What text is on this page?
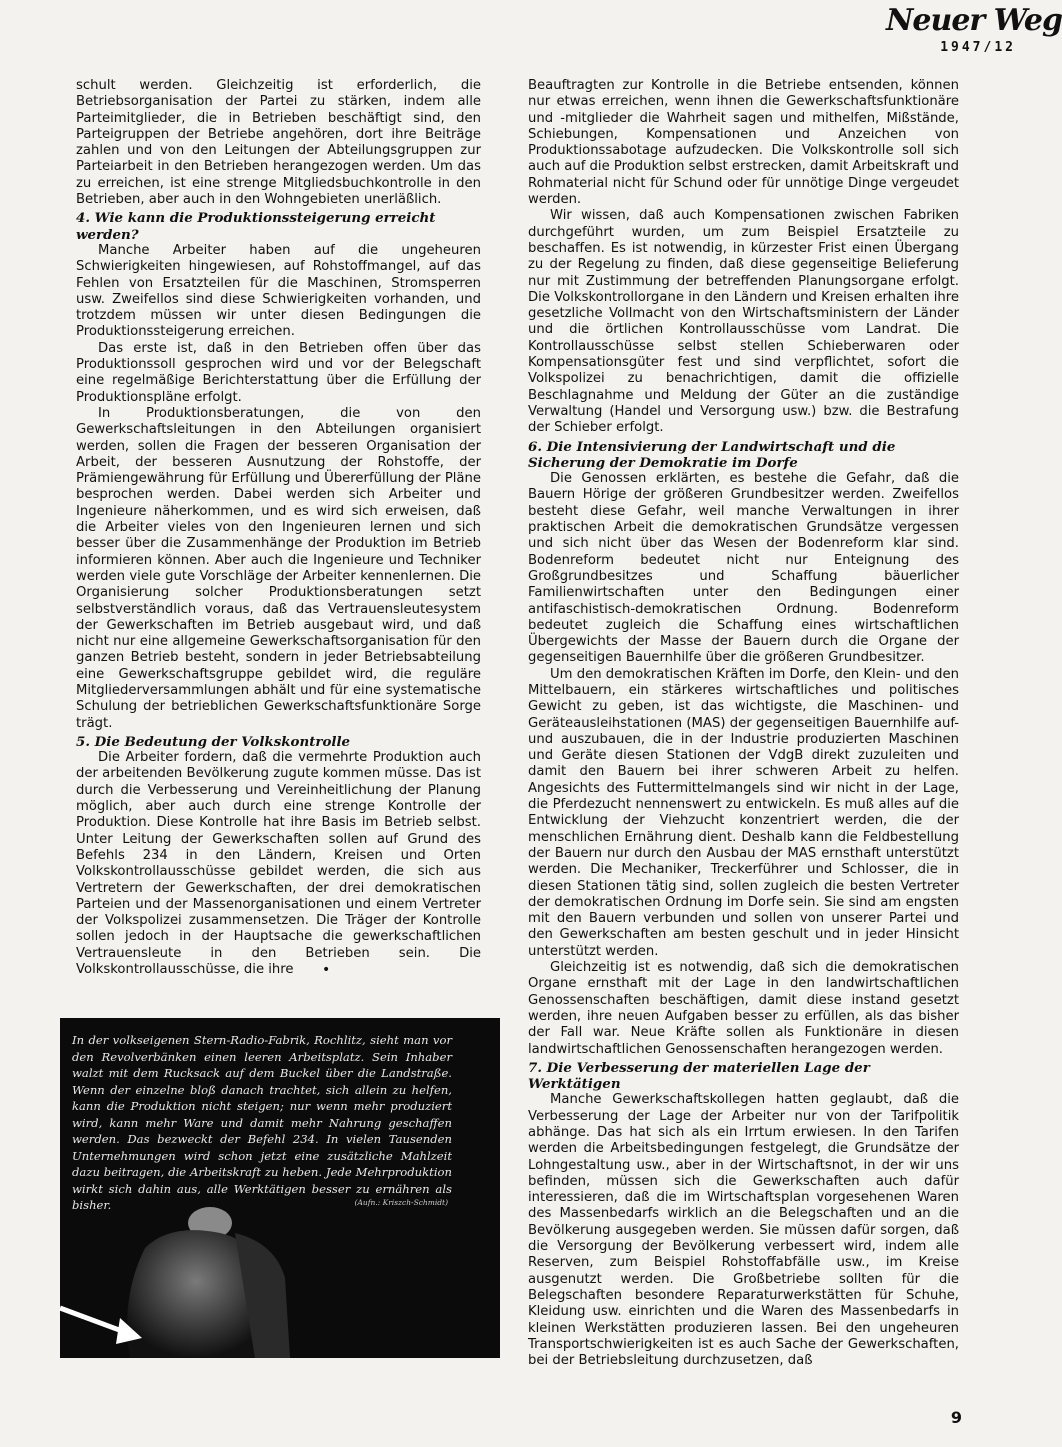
Neuer Weg
1947/12

schult werden. Gleichzeitig ist erforderlich, die Betriebsorganisation der Partei zu stärken, indem alle Parteimitglieder, die in Betrieben beschäftigt sind, den Parteigruppen der Betriebe angehören, dort ihre Beiträge zahlen und von den Leitungen der Abteilungsgruppen zur Parteiarbeit in den Betrieben herangezogen werden. Um das zu erreichen, ist eine strenge Mitgliedsbuchkontrolle in den Betrieben, aber auch in den Wohngebieten unerläßlich.

4. Wie kann die Produktionssteigerung erreicht werden?

Manche Arbeiter haben auf die ungeheuren Schwierigkeiten hingewiesen, auf Rohstoffmangel, auf das Fehlen von Ersatzteilen für die Maschinen, Stromsperren usw. Zweifellos sind diese Schwierigkeiten vorhanden, und trotzdem müssen wir unter diesen Bedingungen die Produktionssteigerung erreichen.

Das erste ist, daß in den Betrieben offen über das Produktionssoll gesprochen wird und vor der Belegschaft eine regelmäßige Berichterstattung über die Erfüllung der Produktionspläne erfolgt.

In Produktionsberatungen, die von den Gewerkschaftsleitungen in den Abteilungen organisiert werden, sollen die Fragen der besseren Organisation der Arbeit, der besseren Ausnutzung der Rohstoffe, der Prämiengewährung für Erfüllung und Übererfüllung der Pläne besprochen werden. Dabei werden sich Arbeiter und Ingenieure näherkommen, und es wird sich erweisen, daß die Arbeiter vieles von den Ingenieuren lernen und sich besser über die Zusammenhänge der Produktion im Betrieb informieren können. Aber auch die Ingenieure und Techniker werden viele gute Vorschläge der Arbeiter kennenlernen. Die Organisierung solcher Produktionsberatungen setzt selbstverständlich voraus, daß das Vertrauensleutesystem der Gewerkschaften im Betrieb ausgebaut wird, und daß nicht nur eine allgemeine Gewerkschaftsorganisation für den ganzen Betrieb besteht, sondern in jeder Betriebsabteilung eine Gewerkschaftsgruppe gebildet wird, die reguläre Mitgliederversammlungen abhält und für eine systematische Schulung der betrieblichen Gewerkschaftsfunktionäre Sorge trägt.

5. Die Bedeutung der Volkskontrolle

Die Arbeiter fordern, daß die vermehrte Produktion auch der arbeitenden Bevölkerung zugute kommen müsse. Das ist durch die Verbesserung und Vereinheitlichung der Planung möglich, aber auch durch eine strenge Kontrolle der Produktion. Diese Kontrolle hat ihre Basis im Betrieb selbst. Unter Leitung der Gewerkschaften sollen auf Grund des Befehls 234 in den Ländern, Kreisen und Orten Volkskontrollausschüsse gebildet werden, die sich aus Vertretern der Gewerkschaften, der drei demokratischen Parteien und der Massenorganisationen und einem Vertreter der Volkspolizei zusammensetzen. Die Träger der Kontrolle sollen jedoch in der Hauptsache die gewerkschaftlichen Vertrauensleute in den Betrieben sein. Die Volkskontrollausschüsse, die ihre	•
In der volkseigenen Stern-Radio-Fabrik, Rochlitz, sieht man vor den Revolverbänken einen leeren Arbeitsplatz. Sein Inhaber walzt mit dem Rucksack auf dem Buckel über die Landstraße. Wenn der einzelne bloß danach trachtet, sich allein zu helfen, kann die Produktion nicht steigen; nur wenn mehr produziert wird, kann mehr Ware und damit mehr Nahrung geschaffen werden. Das bezweckt der Befehl 234. In vielen Tausenden Unternehmungen wird schon jetzt eine zusätzliche Mahlzeit dazu beitragen, die Arbeitskraft zu heben. Jede Mehrproduktion wirkt sich dahin aus, alle Werktätigen besser zu ernähren als bisher.	(Aufn.: Kriszch-Schmidt)

Beauftragten zur Kontrolle in die Betriebe entsenden, können nur etwas erreichen, wenn ihnen die Gewerkschaftsfunktionäre und -mitglieder die Wahrheit sagen und mithelfen, Mißstände, Schiebungen, Kompensationen und Anzeichen von Produktionssabotage aufzudecken. Die Volkskontrolle soll sich auch auf die Produktion selbst erstrecken, damit Arbeitskraft und Rohmaterial nicht für Schund oder für unnötige Dinge vergeudet werden.

Wir wissen, daß auch Kompensationen zwischen Fabriken durchgeführt wurden, um zum Beispiel Ersatzteile zu beschaffen. Es ist notwendig, in kürzester Frist einen Übergang zu der Regelung zu finden, daß diese gegenseitige Belieferung nur mit Zustimmung der betreffenden Planungsorgane erfolgt. Die Volkskontrollorgane in den Ländern und Kreisen erhalten ihre gesetzliche Vollmacht von den Wirtschaftsministern der Länder und die örtlichen Kontrollausschüsse vom Landrat. Die Kontrollausschüsse selbst stellen Schieberwaren oder Kompensationsgüter fest und sind verpflichtet, sofort die Volkspolizei zu benachrichtigen, damit die offizielle Beschlagnahme und Meldung der Güter an die zuständige Verwaltung (Handel und Versorgung usw.) bzw. die Bestrafung der Schieber erfolgt.

6. Die Intensivierung der Landwirtschaft und die Sicherung der Demokratie im Dorfe

Die Genossen erklärten, es bestehe die Gefahr, daß die Bauern Hörige der größeren Grundbesitzer werden. Zweifellos besteht diese Gefahr, weil manche Verwaltungen in ihrer praktischen Arbeit die demokratischen Grundsätze vergessen und sich nicht über das Wesen der Bodenreform klar sind. Bodenreform bedeutet nicht nur Enteignung des Großgrundbesitzes und Schaffung bäuerlicher Familienwirtschaften unter den Bedingungen einer antifaschistisch-demokratischen Ordnung. Bodenreform bedeutet zugleich die Schaffung eines wirtschaftlichen Übergewichts der Masse der Bauern durch die Organe der gegenseitigen Bauernhilfe über die größeren Grundbesitzer.

Um den demokratischen Kräften im Dorfe, den Klein- und den Mittelbauern, ein stärkeres wirtschaftliches und politisches Gewicht zu geben, ist das wichtigste, die Maschinen- und Geräteausleihstationen (MAS) der gegenseitigen Bauernhilfe auf- und auszubauen, die in der Industrie produzierten Maschinen und Geräte diesen Stationen der VdgB direkt zuzuleiten und damit den Bauern bei ihrer schweren Arbeit zu helfen. Angesichts des Futtermittelmangels sind wir nicht in der Lage, die Pferdezucht nennenswert zu entwickeln. Es muß alles auf die Entwicklung der Viehzucht konzentriert werden, die der menschlichen Ernährung dient. Deshalb kann die Feldbestellung der Bauern nur durch den Ausbau der MAS ernsthaft unterstützt werden. Die Mechaniker, Treckerführer und Schlosser, die in diesen Stationen tätig sind, sollen zugleich die besten Vertreter der demokratischen Ordnung im Dorfe sein. Sie sind am engsten mit den Bauern verbunden und sollen von unserer Partei und den Gewerkschaften am besten geschult und in jeder Hinsicht unterstützt werden.

Gleichzeitig ist es notwendig, daß sich die demokratischen Organe ernsthaft mit der Lage in den landwirtschaftlichen Genossenschaften beschäftigen, damit diese instand gesetzt werden, ihre neuen Aufgaben besser zu erfüllen, als das bisher der Fall war. Neue Kräfte sollen als Funktionäre in diesen landwirtschaftlichen Genossenschaften herangezogen werden.

7. Die Verbesserung der materiellen Lage der Werktätigen

Manche Gewerkschaftskollegen hatten geglaubt, daß die Verbesserung der Lage der Arbeiter nur von der Tarifpolitik abhänge. Das hat sich als ein Irrtum erwiesen. In den Tarifen werden die Arbeitsbedingungen festgelegt, die Grundsätze der Lohngestaltung usw., aber in der Wirtschaftsnot, in der wir uns befinden, müssen sich die Gewerkschaften auch dafür interessieren, daß die im Wirtschaftsplan vorgesehenen Waren des Massenbedarfs wirklich an die Belegschaften und an die Bevölkerung ausgegeben werden. Sie müssen dafür sorgen, daß die Versorgung der Bevölkerung verbessert wird, indem alle Reserven, zum Beispiel Rohstoffabfälle usw., im Kreise ausgenutzt werden. Die Großbetriebe sollten für die Belegschaften besondere Reparaturwerkstätten für Schuhe, Kleidung usw. einrichten und die Waren des Massenbedarfs in kleinen Werkstätten produzieren lassen. Bei den ungeheuren Transportschwierigkeiten ist es auch Sache der Gewerkschaften, bei der Betriebsleitung durchzusetzen, daß

9
